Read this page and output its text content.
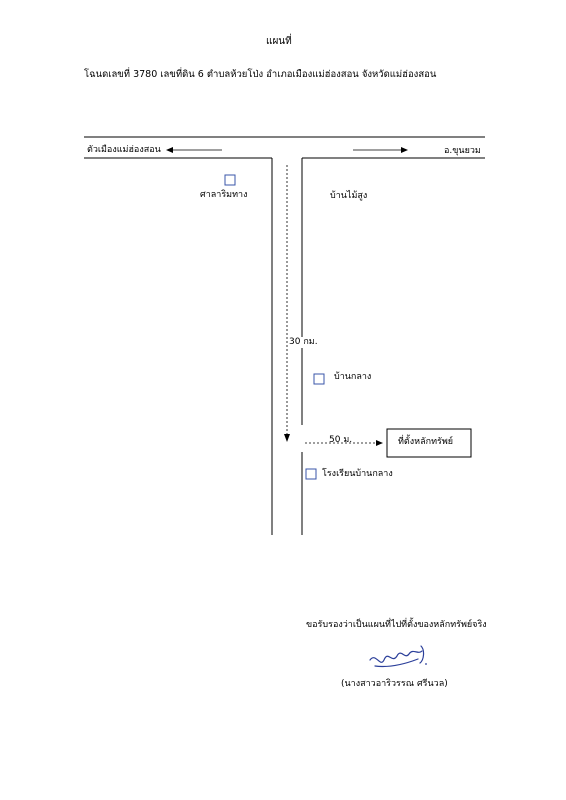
แผนที่
โฉนดเลขที่ 3780 เลขที่ดิน 6 ตำบลห้วยโป่ง อำเภอเมืองแม่ฮ่องสอน จังหวัดแม่ฮ่องสอน
ตัวเมืองแม่ฮ่องสอน	อ.ขุนยวม
ศาลาริมทาง	บ้านไม้สูง
30 กม.
บ้านกลาง
50 ม.	ที่ตั้งหลักทรัพย์
โรงเรียนบ้านกลาง
ขอรับรองว่าเป็นแผนที่ไปที่ตั้งของหลักทรัพย์จริง
(นางสาวอาริวรรณ ศรีนวล)
